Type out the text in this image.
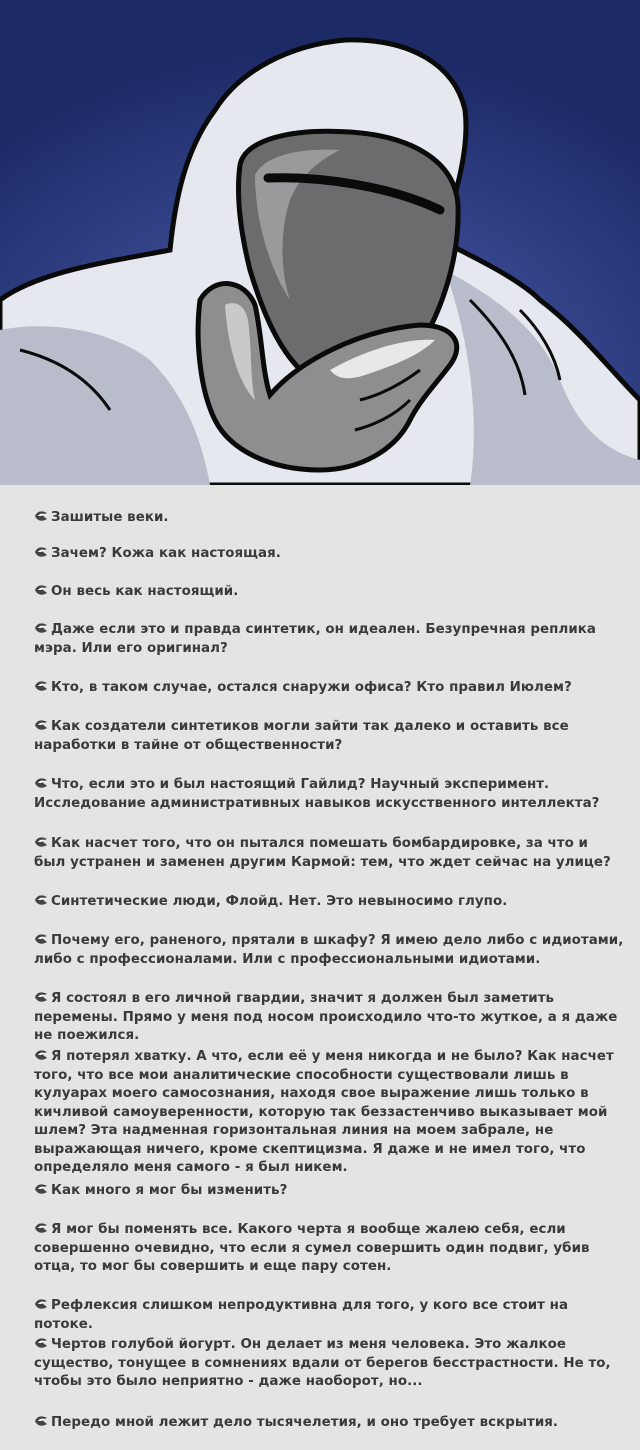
Зашитые веки.
Зачем? Кожа как настоящая.
Он весь как настоящий.
Даже если это и правда синтетик, он идеален. Безупречная реплика мэра. Или его оригинал?
Кто, в таком случае, остался снаружи офиса? Кто правил Июлем?
Как создатели синтетиков могли зайти так далеко и оставить все наработки в тайне от общественности?
Что, если это и был настоящий Гайлид? Научный эксперимент. Исследование административных навыков искусственного интеллекта?
Как насчет того, что он пытался помешать бомбардировке, за что и был устранен и заменен другим Кармой: тем, что ждет сейчас на улице?
Синтетические люди, Флойд. Нет. Это невыносимо глупо.
Почему его, раненого, прятали в шкафу? Я имею дело либо с идиотами, либо с профессионалами. Или с профессиональными идиотами.
Я состоял в его личной гвардии, значит я должен был заметить перемены. Прямо у меня под носом происходило что-то жуткое, а я даже не поежился.
Я потерял хватку. А что, если её у меня никогда и не было? Как насчет того, что все мои аналитические способности существовали лишь в кулуарах моего самосознания, находя свое выражение лишь только в кичливой самоуверенности, которую так беззастенчиво выказывает мой шлем? Эта надменная горизонтальная линия на моем забрале, не выражающая ничего, кроме скептицизма. Я даже и не имел того, что определяло меня самого - я был никем.
Как много я мог бы изменить?
Я мог бы поменять все. Какого черта я вообще жалею себя, если совершенно очевидно, что если я сумел совершить один подвиг, убив отца, то мог бы совершить и еще пару сотен.
Рефлексия слишком непродуктивна для того, у кого все стоит на потоке.
Чертов голубой йогурт. Он делает из меня человека. Это жалкое существо, тонущее в сомнениях вдали от берегов бесстрастности. Не то, чтобы это было неприятно - даже наоборот, но...
Передо мной лежит дело тысячелетия, и оно требует вскрытия.
